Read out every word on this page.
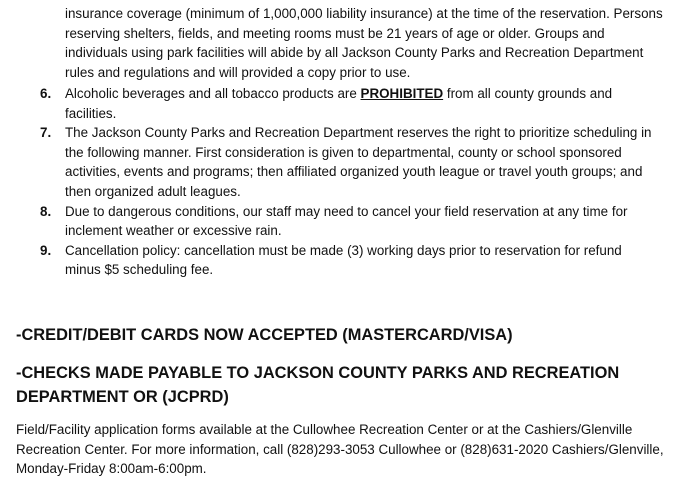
insurance coverage (minimum of 1,000,000 liability insurance) at the time of the reservation. Persons reserving shelters, fields, and meeting rooms must be 21 years of age or older. Groups and individuals using park facilities will abide by all Jackson County Parks and Recreation Department rules and regulations and will provided a copy prior to use.
6. Alcoholic beverages and all tobacco products are PROHIBITED from all county grounds and facilities.
7. The Jackson County Parks and Recreation Department reserves the right to prioritize scheduling in the following manner. First consideration is given to departmental, county or school sponsored activities, events and programs; then affiliated organized youth league or travel youth groups; and then organized adult leagues.
8. Due to dangerous conditions, our staff may need to cancel your field reservation at any time for inclement weather or excessive rain.
9. Cancellation policy: cancellation must be made (3) working days prior to reservation for refund minus $5 scheduling fee.
-CREDIT/DEBIT CARDS NOW ACCEPTED (MASTERCARD/VISA)
-CHECKS MADE PAYABLE TO JACKSON COUNTY PARKS AND RECREATION DEPARTMENT OR (JCPRD)
Field/Facility application forms available at the Cullowhee Recreation Center or at the Cashiers/Glenville Recreation Center. For more information, call (828)293-3053 Cullowhee or (828)631-2020 Cashiers/Glenville, Monday-Friday 8:00am-6:00pm.
